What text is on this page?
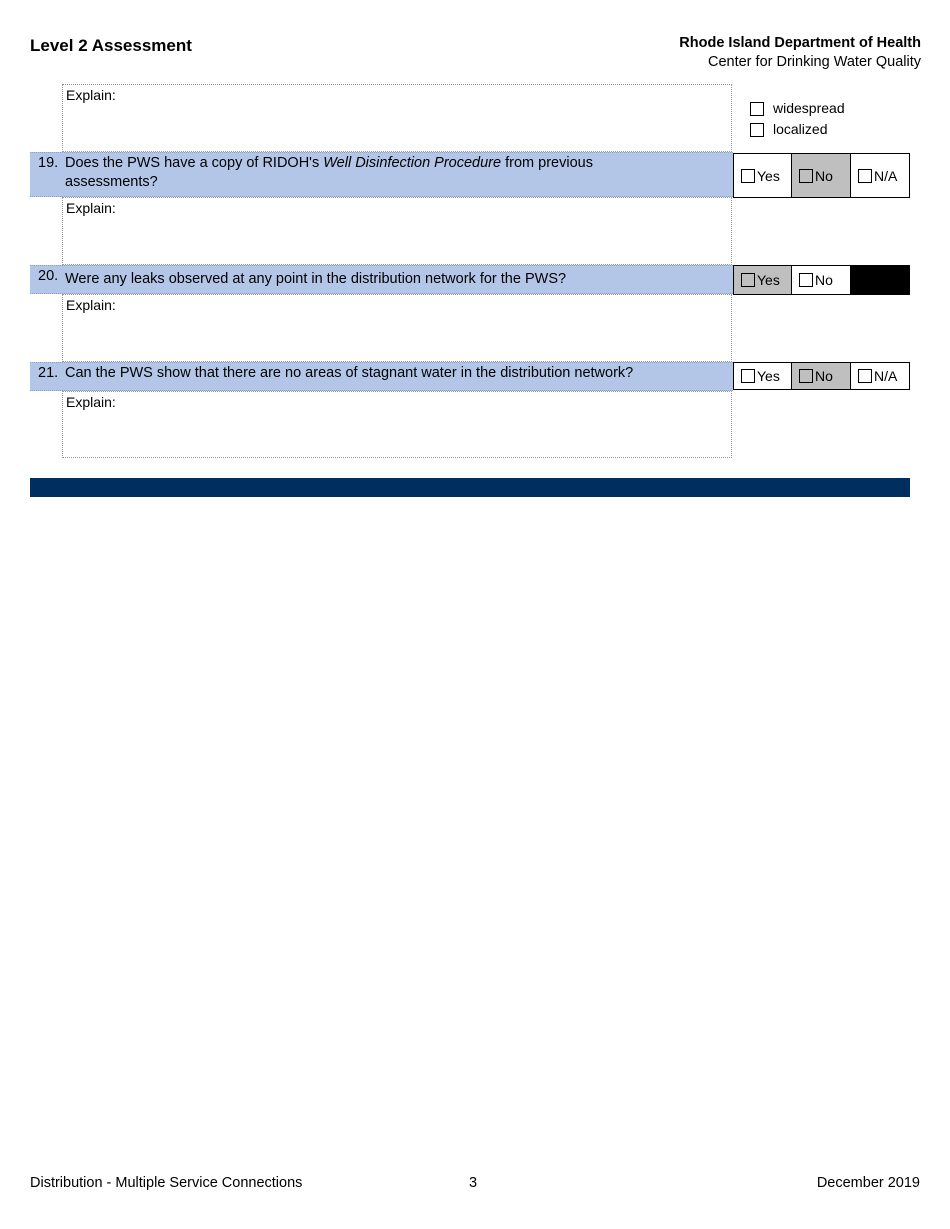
Level 2 Assessment	Rhode Island Department of Health
Center for Drinking Water Quality
Explain:
widespread
localized
19. Does the PWS have a copy of RIDOH's Well Disinfection Procedure from previous assessments?	Yes	No	N/A
Explain:
20. Were any leaks observed at any point in the distribution network for the PWS?	Yes	No
Explain:
21. Can the PWS show that there are no areas of stagnant water in the distribution network?	Yes	No	N/A
Explain:
Distribution - Multiple Service Connections	3	December 2019
